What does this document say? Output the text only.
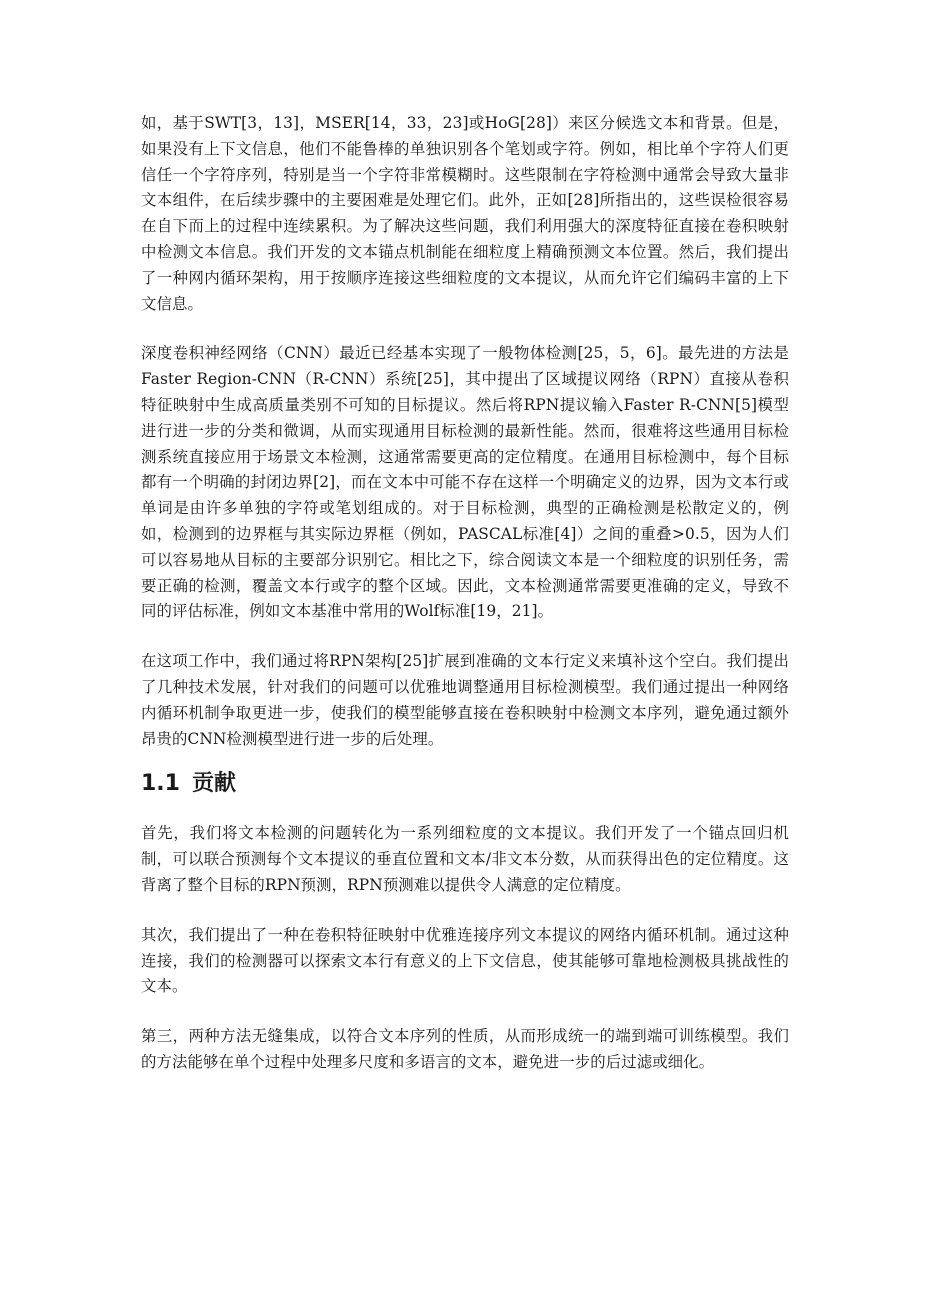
如，基于SWT[3，13]，MSER[14，33，23]或HoG[28]）来区分候选文本和背景。但是，如果没有上下文信息，他们不能鲁棒的单独识别各个笔划或字符。例如，相比单个字符人们更信任一个字符序列，特别是当一个字符非常模糊时。这些限制在字符检测中通常会导致大量非文本组件，在后续步骤中的主要困难是处理它们。此外，正如[28]所指出的，这些误检很容易在自下而上的过程中连续累积。为了解决这些问题，我们利用强大的深度特征直接在卷积映射中检测文本信息。我们开发的文本锚点机制能在细粒度上精确预测文本位置。然后，我们提出了一种网内循环架构，用于按顺序连接这些细粒度的文本提议，从而允许它们编码丰富的上下文信息。

深度卷积神经网络（CNN）最近已经基本实现了一般物体检测[25，5，6]。最先进的方法是Faster Region-CNN（R-CNN）系统[25]，其中提出了区域提议网络（RPN）直接从卷积特征映射中生成高质量类别不可知的目标提议。然后将RPN提议输入Faster R-CNN[5]模型进行进一步的分类和微调，从而实现通用目标检测的最新性能。然而，很难将这些通用目标检测系统直接应用于场景文本检测，这通常需要更高的定位精度。在通用目标检测中，每个目标都有一个明确的封闭边界[2]，而在文本中可能不存在这样一个明确定义的边界，因为文本行或单词是由许多单独的字符或笔划组成的。对于目标检测，典型的正确检测是松散定义的，例如，检测到的边界框与其实际边界框（例如，PASCAL标准[4]）之间的重叠>0.5，因为人们可以容易地从目标的主要部分识别它。相比之下，综合阅读文本是一个细粒度的识别任务，需要正确的检测，覆盖文本行或字的整个区域。因此，文本检测通常需要更准确的定义，导致不同的评估标准，例如文本基准中常用的Wolf标准[19，21]。

在这项工作中，我们通过将RPN架构[25]扩展到准确的文本行定义来填补这个空白。我们提出了几种技术发展，针对我们的问题可以优雅地调整通用目标检测模型。我们通过提出一种网络内循环机制争取更进一步，使我们的模型能够直接在卷积映射中检测文本序列，避免通过额外昂贵的CNN检测模型进行进一步的后处理。

1.1 贡献

首先，我们将文本检测的问题转化为一系列细粒度的文本提议。我们开发了一个锚点回归机制，可以联合预测每个文本提议的垂直位置和文本/非文本分数，从而获得出色的定位精度。这背离了整个目标的RPN预测，RPN预测难以提供令人满意的定位精度。

其次，我们提出了一种在卷积特征映射中优雅连接序列文本提议的网络内循环机制。通过这种连接，我们的检测器可以探索文本行有意义的上下文信息，使其能够可靠地检测极具挑战性的文本。

第三，两种方法无缝集成，以符合文本序列的性质，从而形成统一的端到端可训练模型。我们的方法能够在单个过程中处理多尺度和多语言的文本，避免进一步的后过滤或细化。
